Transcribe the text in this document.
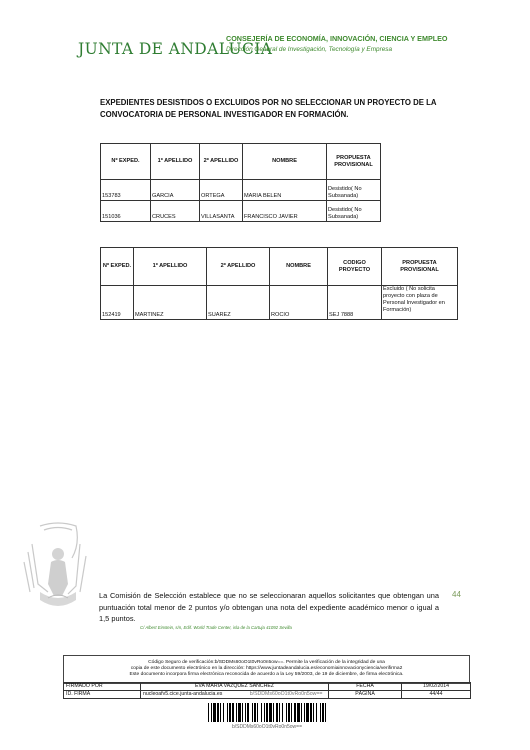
JUNTA DE ANDALUCIA
CONSEJERÍA DE ECONOMÍA, INNOVACIÓN, CIENCIA Y EMPLEO
Dirección General de Investigación, Tecnología y Empresa
EXPEDIENTES DESISTIDOS O EXCLUIDOS POR NO SELECCIONAR UN PROYECTO DE LA CONVOCATORIA DE PERSONAL INVESTIGADOR EN FORMACIÓN.
Nº EXPED.	1º APELLIDO	2º APELLIDO	NOMBRE	PROPUESTA PROVISIONAL
153783	GARCIA	ORTEGA	MARIA BELEN	Desistido( No Subsanada)
151036	CRUCES	VILLASANTA	FRANCISCO JAVIER	Desistido( No Subsanada)
Nº EXPED.	1º APELLIDO	2º APELLIDO	NOMBRE	CODIGO PROYECTO	PROPUESTA PROVISIONAL
152419	MARTINEZ	SUAREZ	ROCIO	SEJ 7888	Excluido ( No solicita proyecto con plaza de Personal Investigador en Formación)
La Comisión de Selección establece que no se seleccionaran aquellos solicitantes que obtengan una puntuación total menor de 2 puntos y/o obtengan una nota del expediente académico menor o igual a 1,5 puntos.
44
C/ Albert Einstein, s/n, Edif. World Trade Center, isla de la Cartuja 41092 Sevilla
Código Seguro de verificación:b/SDDMs60oO1t0vRo0n5ow==. Permite la verificación de la integridad de una
copia de este documento electrónico en la dirección: https://www.juntadeandalucia.es/economiainnovacionyciencia/verifirma2
Este documento incorpora firma electrónica reconocida de acuerdo a la Ley 59/2003, de 19 de diciembre, de firma electrónica.
FIRMADO POR	EVA MARIA VAZQUEZ SANCHEZ	FECHA	19/02/2014
ID. FIRMA	nucleoafv5.cice.junta-andalucia.es b/SDDMs60oO1t0vRo0n5ow==	PÁGINA	44/44
b/SDDMs60oO1t0vRo0n5ow==
